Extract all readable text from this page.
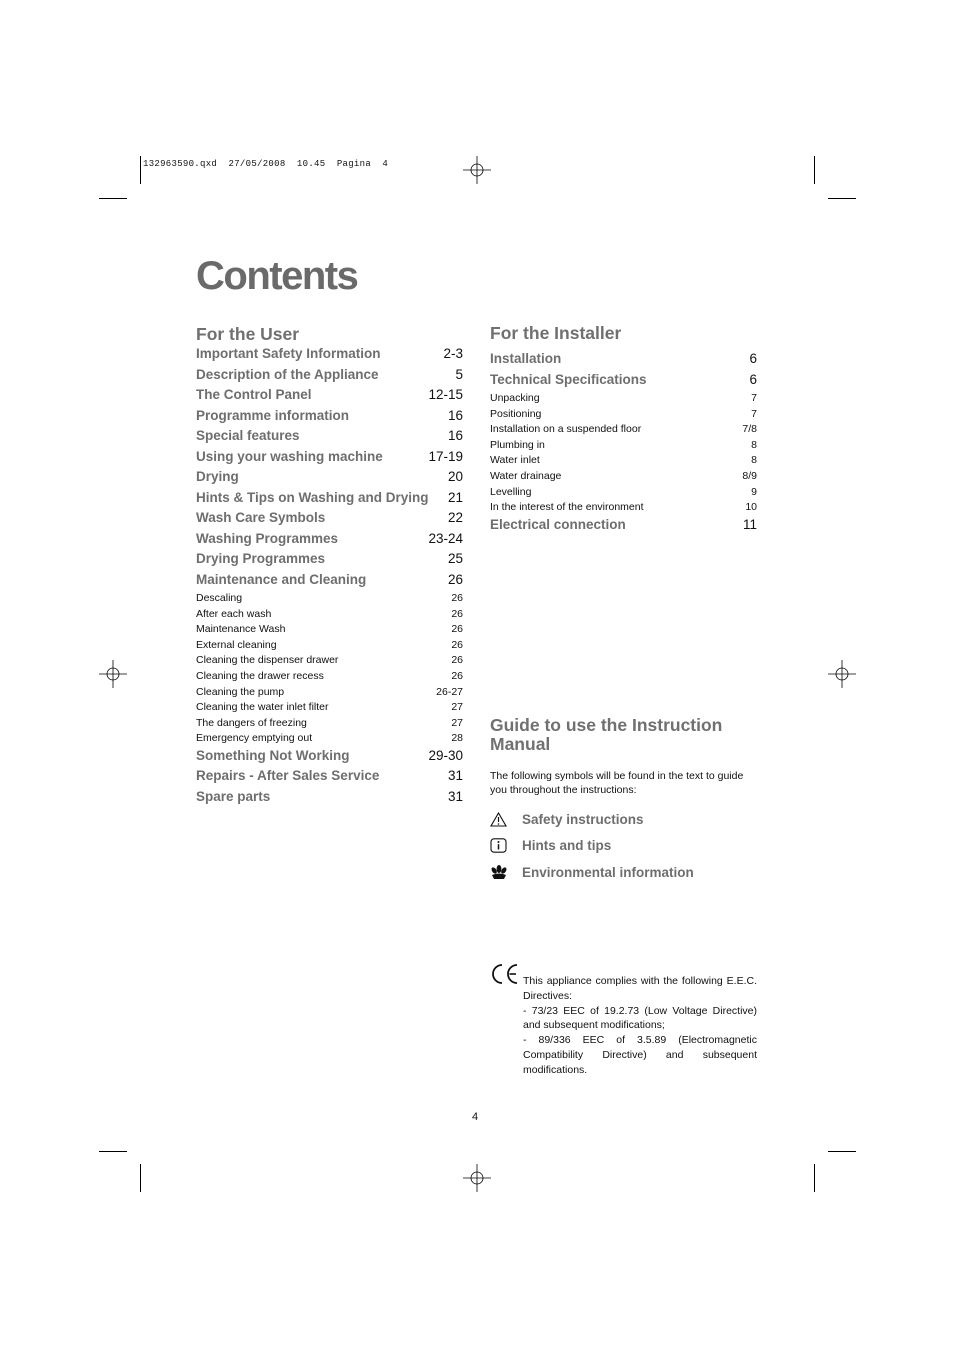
132963590.qxd  27/05/2008  10.45  Pagina  4
Contents
For the User
Important Safety Information	2-3
Description of the Appliance	5
The Control Panel	12-15
Programme information	16
Special features	16
Using your washing machine	17-19
Drying	20
Hints & Tips on Washing and Drying 21
Wash Care Symbols	22
Washing Programmes	23-24
Drying Programmes	25
Maintenance and Cleaning	26
Descaling	26
After each wash	26
Maintenance Wash	26
External cleaning	26
Cleaning the dispenser drawer	26
Cleaning the drawer recess	26
Cleaning the pump	26-27
Cleaning the water inlet filter	27
The dangers of freezing	27
Emergency emptying out	28
Something Not Working	29-30
Repairs - After Sales Service	31
Spare parts	31
For the Installer
Installation	6
Technical Specifications	6
Unpacking	7
Positioning	7
Installation on a suspended floor	7/8
Plumbing in	8
Water inlet	8
Water drainage	8/9
Levelling	9
In the interest of the environment	10
Electrical connection	11
Guide to use the Instruction Manual

The following symbols will be found in the text to guide you throughout the instructions:

Safety instructions
Hints and tips
Environmental information

This appliance complies with the following E.E.C. Directives:

- 73/23 EEC of 19.2.73 (Low Voltage Directive) and subsequent modifications;

- 89/336 EEC of 3.5.89 (Electromagnetic Compatibility Directive) and subsequent modifications.

4
